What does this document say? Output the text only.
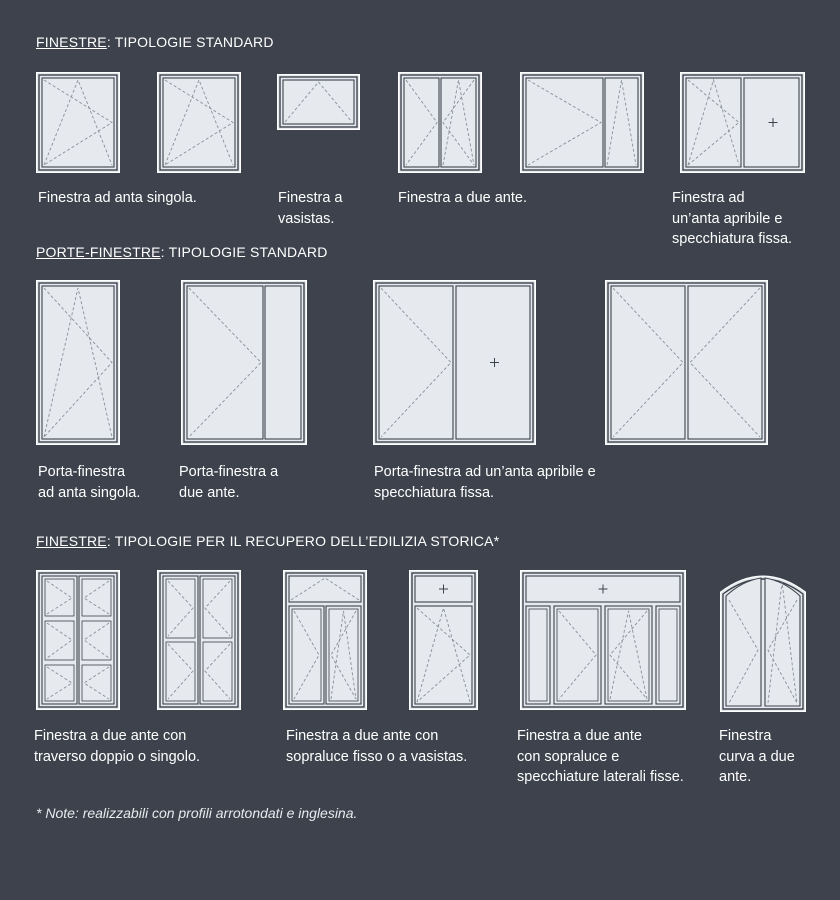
FINESTRE: TIPOLOGIE STANDARD
Finestra ad anta singola.	Finestra a
vasistas.
Finestra a due ante.	Finestra ad
un’anta apribile e
specchiatura fissa.
PORTE-FINESTRE: TIPOLOGIE STANDARD
Porta-finestra
ad anta singola.
Porta-finestra a
due ante.
Porta-finestra ad un’anta apribile e
specchiatura fissa.
FINESTRE: TIPOLOGIE PER IL RECUPERO DELL’EDILIZIA STORICA*
Finestra a due ante con
traverso doppio o singolo.
Finestra a due ante con
sopraluce fisso o a vasistas.
Finestra a due ante
con sopraluce e
specchiature laterali fisse.
Finestra
curva a due
ante.
* Note: realizzabili con profili arrotondati e inglesina.
